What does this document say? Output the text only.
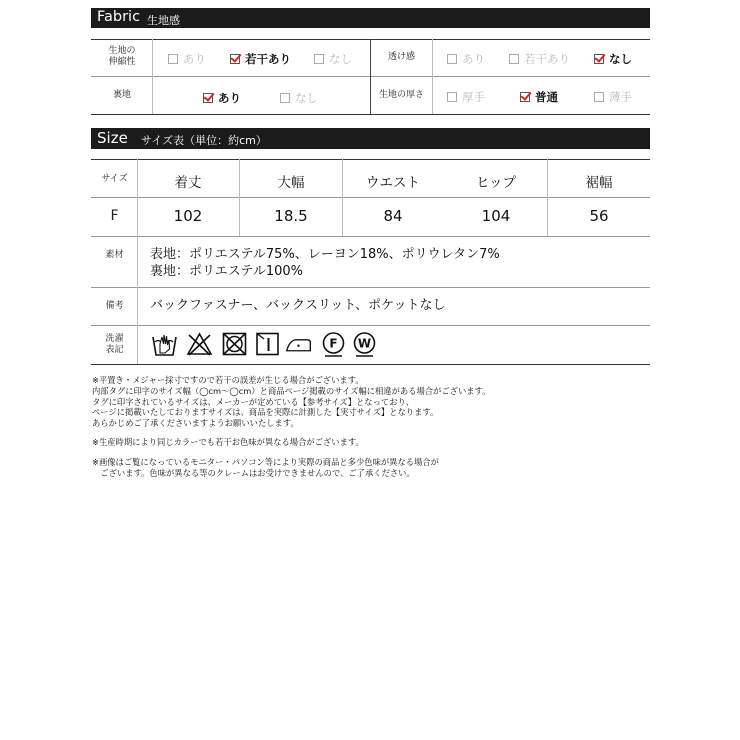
Fabric 生地感
生地の
伸縮性	あり	若干あり	なし	透け感	あり	若干あり	なし
裏地	あり	なし	生地の厚さ	厚手	普通	薄手
Size サイズ表（単位：約cm）
サイズ	着丈	大幅	ウエスト	ヒップ	裾幅
F	102	18.5	84	104	56
素材	表地：ポリエステル75%、レーヨン18%、ポリウレタン7%
裏地：ポリエステル100%
備考	バックファスナー、バックスリット、ポケットなし
洗濯
表記	F W
※平置き・メジャー採寸ですので若干の誤差が生じる場合がございます。
内部タグに印字のサイズ幅（◯cm〜◯cm）と商品ページ掲載のサイズ幅に相違がある場合がございます。
タグに印字されているサイズは、メーカーが定めている【参考サイズ】となっており、
ページに掲載いたしておりますサイズは、商品を実際に計測した【実寸サイズ】となります。
あらかじめご了承くださいますようお願いいたします。
※生産時期により同じカラーでも若干お色味が異なる場合がございます。
※画像はご覧になっているモニター・パソコン等により実際の商品と多少色味が異なる場合が
　ございます。色味が異なる等のクレームはお受けできませんので、ご了承ください。
